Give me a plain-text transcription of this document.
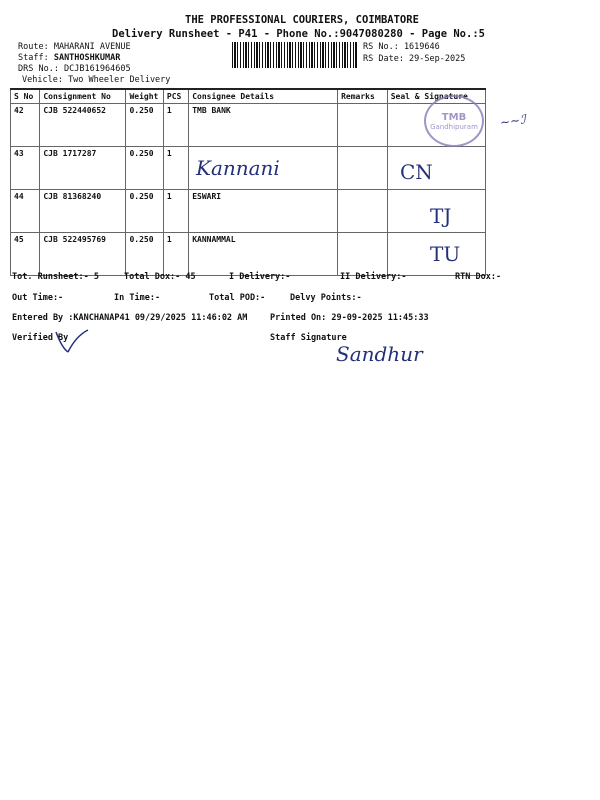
THE PROFESSIONAL COURIERS, COIMBATORE
Delivery Runsheet - P41 - Phone No.:9047080280 - Page No.:5
Route: MAHARANI AVENUE
Staff: SANTHOSHKUMAR
DRS No.: DCJB161964605
Vehicle: Two Wheeler Delivery
RS No.: 1619646
RS Date: 29-Sep-2025
S No	Consignment No	Weight	PCS	Consignee Details	Remarks	Seal & Signature
42	CJB 522440652	0.250	1	TMB BANK		
43	CJB 1717287	0.250	1			
44	CJB 81368240	0.250	1	ESWARI		
45	CJB 522495769	0.250	1	KANNAMMAL		
TMB
Gandhipuram ~~ℐ
Kannani	CN
TJ
TU
Tot. Runsheet:- 5	Total Dox:- 45	I Delivery:-	II Delivery:-	RTN Dox:-
Out Time:-	In Time:-	Total POD:-	Delvy Points:-
Entered By :KANCHANAP41 09/29/2025 11:46:02 AM	Printed On: 29-09-2025 11:45:33
Verified By	Staff Signature
Sandhur
